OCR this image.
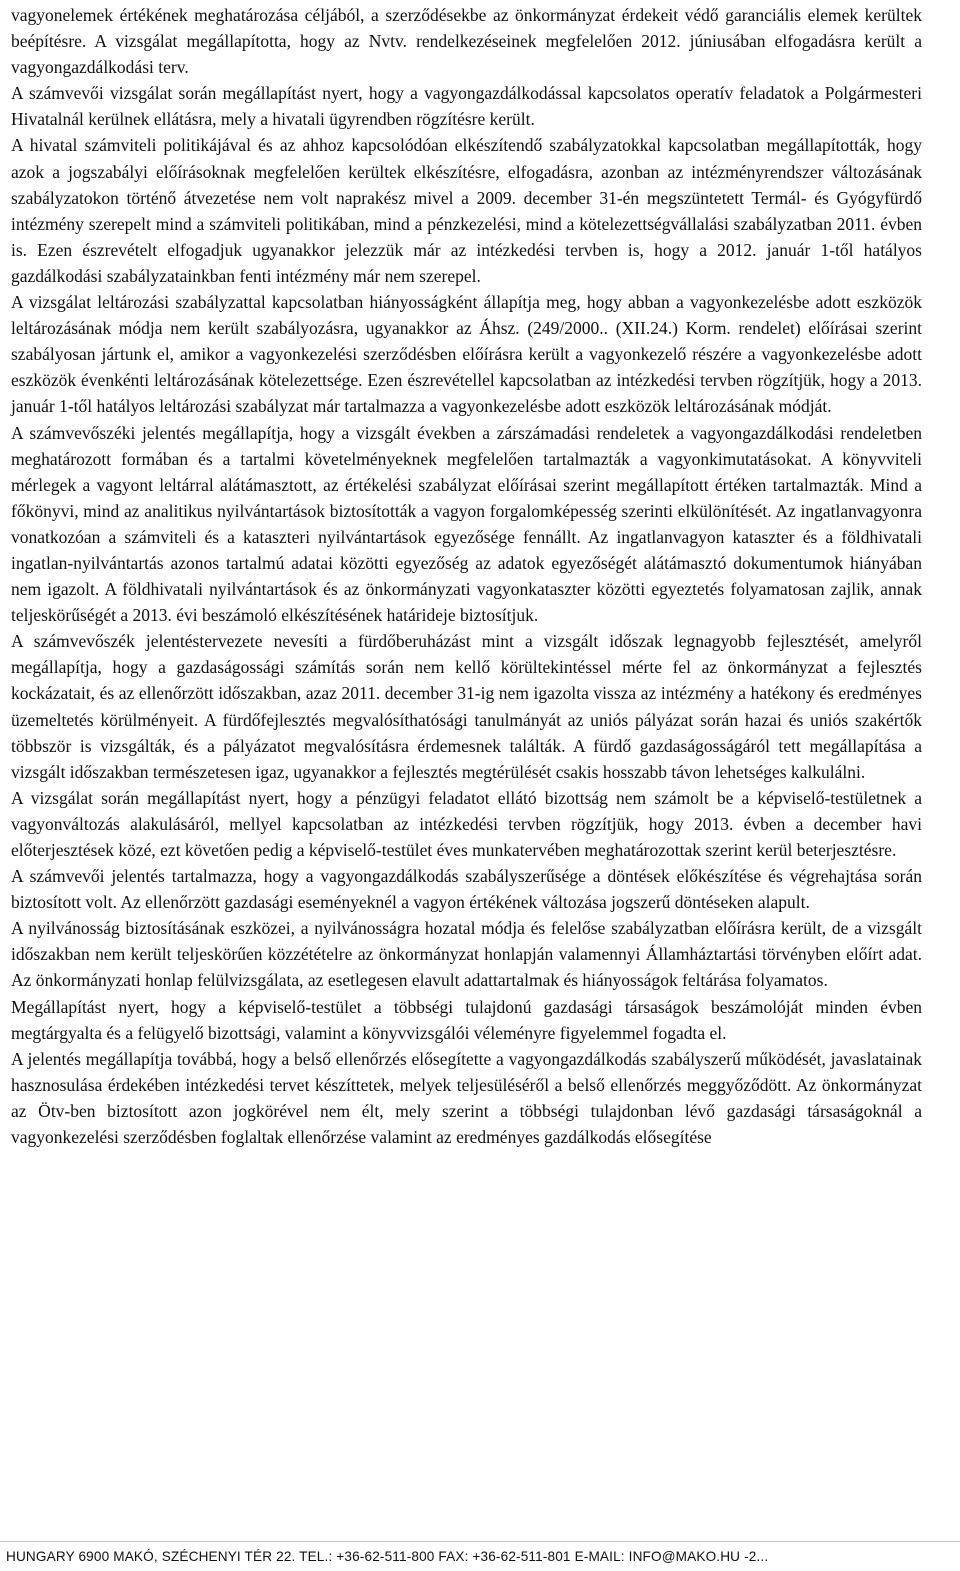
vagyonelemek értékének meghatározása céljából, a szerződésekbe az önkormányzat érdekeit védő garanciális elemek kerültek beépítésre. A vizsgálat megállapította, hogy az Nvtv. rendelkezéseinek megfelelően 2012. júniusában elfogadásra került a vagyongazdálkodási terv.

A számvevői vizsgálat során megállapítást nyert, hogy a vagyongazdálkodással kapcsolatos operatív feladatok a Polgármesteri Hivatalnál kerülnek ellátásra, mely a hivatali ügyrendben rögzítésre került.

A hivatal számviteli politikájával és az ahhoz kapcsolódóan elkészítendő szabályzatokkal kapcsolatban megállapították, hogy azok a jogszabályi előírásoknak megfelelően kerültek elkészítésre, elfogadásra, azonban az intézményrendszer változásának szabályzatokon történő átvezetése nem volt naprakész mivel a 2009. december 31-én megszüntetett Termál- és Gyógyfürdő intézmény szerepelt mind a számviteli politikában, mind a pénzkezelési, mind a kötelezettségvállalási szabályzatban 2011. évben is. Ezen észrevételt elfogadjuk ugyanakkor jelezzük már az intézkedési tervben is, hogy a 2012. január 1-től hatályos gazdálkodási szabályzatainkban fenti intézmény már nem szerepel.

A vizsgálat leltározási szabályzattal kapcsolatban hiányosságként állapítja meg, hogy abban a vagyonkezelésbe adott eszközök leltározásának módja nem került szabályozásra, ugyanakkor az Áhsz. (249/2000.. (XII.24.) Korm. rendelet) előírásai szerint szabályosan jártunk el, amikor a vagyonkezelési szerződésben előírásra került a vagyonkezelő részére a vagyonkezelésbe adott eszközök évenkénti leltározásának kötelezettsége. Ezen észrevétellel kapcsolatban az intézkedési tervben rögzítjük, hogy a 2013. január 1-től hatályos leltározási szabályzat már tartalmazza a vagyonkezelésbe adott eszközök leltározásának módját.

A számvevőszéki jelentés megállapítja, hogy a vizsgált években a zárszámadási rendeletek a vagyongazdálkodási rendeletben meghatározott formában és a tartalmi követelményeknek megfelelően tartalmazták a vagyonkimutatásokat. A könyvviteli mérlegek a vagyont leltárral alátámasztott, az értékelési szabályzat előírásai szerint megállapított értéken tartalmazták. Mind a főkönyvi, mind az analitikus nyilvántartások biztosították a vagyon forgalomképesség szerinti elkülönítését. Az ingatlanvagyonra vonatkozóan a számviteli és a kataszteri nyilvántartások egyezősége fennállt. Az ingatlanvagyon kataszter és a földhivatali ingatlan-nyilvántartás azonos tartalmú adatai közötti egyezőség az adatok egyezőségét alátámasztó dokumentumok hiányában nem igazolt. A földhivatali nyilvántartások és az önkormányzati vagyonkataszter közötti egyeztetés folyamatosan zajlik, annak teljeskörűségét a 2013. évi beszámoló elkészítésének határideje biztosítjuk.

A számvevőszék jelentéstervezete nevesíti a fürdőberuházást mint a vizsgált időszak legnagyobb fejlesztését, amelyről megállapítja, hogy a gazdaságossági számítás során nem kellő körültekintéssel mérte fel az önkormányzat a fejlesztés kockázatait, és az ellenőrzött időszakban, azaz 2011. december 31-ig nem igazolta vissza az intézmény a hatékony és eredményes üzemeltetés körülményeit. A fürdőfejlesztés megvalósíthatósági tanulmányát az uniós pályázat során hazai és uniós szakértők többször is vizsgálták, és a pályázatot megvalósításra érdemesnek találták. A fürdő gazdaságosságáról tett megállapítása a vizsgált időszakban természetesen igaz, ugyanakkor a fejlesztés megtérülését csakis hosszabb távon lehetséges kalkulálni.

A vizsgálat során megállapítást nyert, hogy a pénzügyi feladatot ellátó bizottság nem számolt be a képviselő-testületnek a vagyonváltozás alakulásáról, mellyel kapcsolatban az intézkedési tervben rögzítjük, hogy 2013. évben a december havi előterjesztések közé, ezt követően pedig a képviselő-testület éves munkatervében meghatározottak szerint kerül beterjesztésre.

A számvevői jelentés tartalmazza, hogy a vagyongazdálkodás szabályszerűsége a döntések előkészítése és végrehajtása során biztosított volt. Az ellenőrzött gazdasági eseményeknél a vagyon értékének változása jogszerű döntéseken alapult.

A nyilvánosság biztosításának eszközei, a nyilvánosságra hozatal módja és felelőse szabályzatban előírásra került, de a vizsgált időszakban nem került teljeskörűen közzétételre az önkormányzat honlapján valamennyi Államháztartási törvényben előírt adat. Az önkormányzati honlap felülvizsgálata, az esetlegesen elavult adattartalmak és hiányosságok feltárása folyamatos.

Megállapítást nyert, hogy a képviselő-testület a többségi tulajdonú gazdasági társaságok beszámolóját minden évben megtárgyalta és a felügyelő bizottsági, valamint a könyvvizsgálói véleményre figyelemmel fogadta el.

A jelentés megállapítja továbbá, hogy a belső ellenőrzés elősegítette a vagyongazdálkodás szabályszerű működését, javaslatainak hasznosulása érdekében intézkedési tervet készíttetek, melyek teljesüléséről a belső ellenőrzés meggyőződött. Az önkormányzat az Ötv-ben biztosított azon jogkörével nem élt, mely szerint a többségi tulajdonban lévő gazdasági társaságoknál a vagyonkezelési szerződésben foglaltak ellenőrzése valamint az eredményes gazdálkodás elősegítése

HUNGARY 6900 MAKÓ, SZÉCHENYI TÉR 22. TEL.: +36-62-511-800 FAX: +36-62-511-801 E-MAIL: INFO@MAKO.HU -2...
